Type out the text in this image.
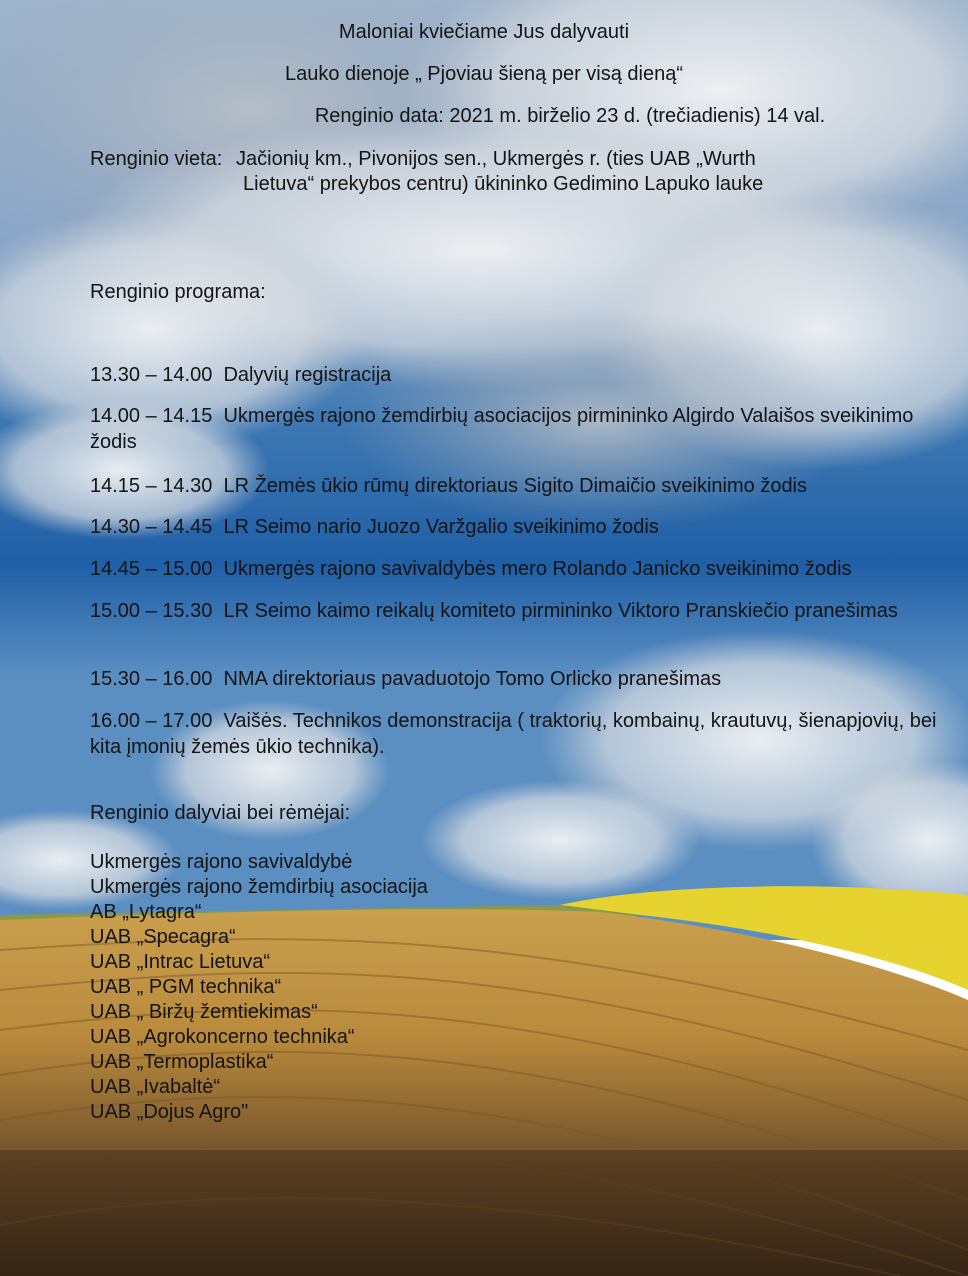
Maloniai kviečiame Jus dalyvauti
Lauko dienoje „ Pjoviau šieną per visą dieną“
Renginio data: 2021 m. birželio 23 d. (trečiadienis) 14 val.
Renginio vieta: Jačionių km., Pivonijos sen., Ukmergės r. (ties UAB „Wurth
Lietuva“ prekybos centru) ūkininko Gedimino Lapuko lauke
Renginio programa:
13.30 – 14.00 Dalyvių registracija
14.00 – 14.15 Ukmergės rajono žemdirbių asociacijos pirmininko Algirdo Valaišos sveikinimo žodis
14.15 – 14.30 LR Žemės ūkio rūmų direktoriaus Sigito Dimaičio sveikinimo žodis
14.30 – 14.45 LR Seimo nario Juozo Varžgalio sveikinimo žodis
14.45 – 15.00 Ukmergės rajono savivaldybės mero Rolando Janicko sveikinimo žodis
15.00 – 15.30 LR Seimo kaimo reikalų komiteto pirmininko Viktoro Pranskiečio pranešimas
15.30 – 16.00 NMA direktoriaus pavaduotojo Tomo Orlicko pranešimas
16.00 – 17.00 Vaišės. Technikos demonstracija ( traktorių, kombainų, krautuvų, šienapjovių, bei kita įmonių žemės ūkio technika).
Renginio dalyviai bei rėmėjai:
Ukmergės rajono savivaldybė
Ukmergės rajono žemdirbių asociacija
AB „Lytagra“
UAB „Specagra“
UAB „Intrac Lietuva“
UAB „ PGM technika“
UAB „ Biržų žemtiekimas“
UAB „Agrokoncerno technika“
UAB „Termoplastika“
UAB „Ivabaltė“
UAB „Dojus Agro"
